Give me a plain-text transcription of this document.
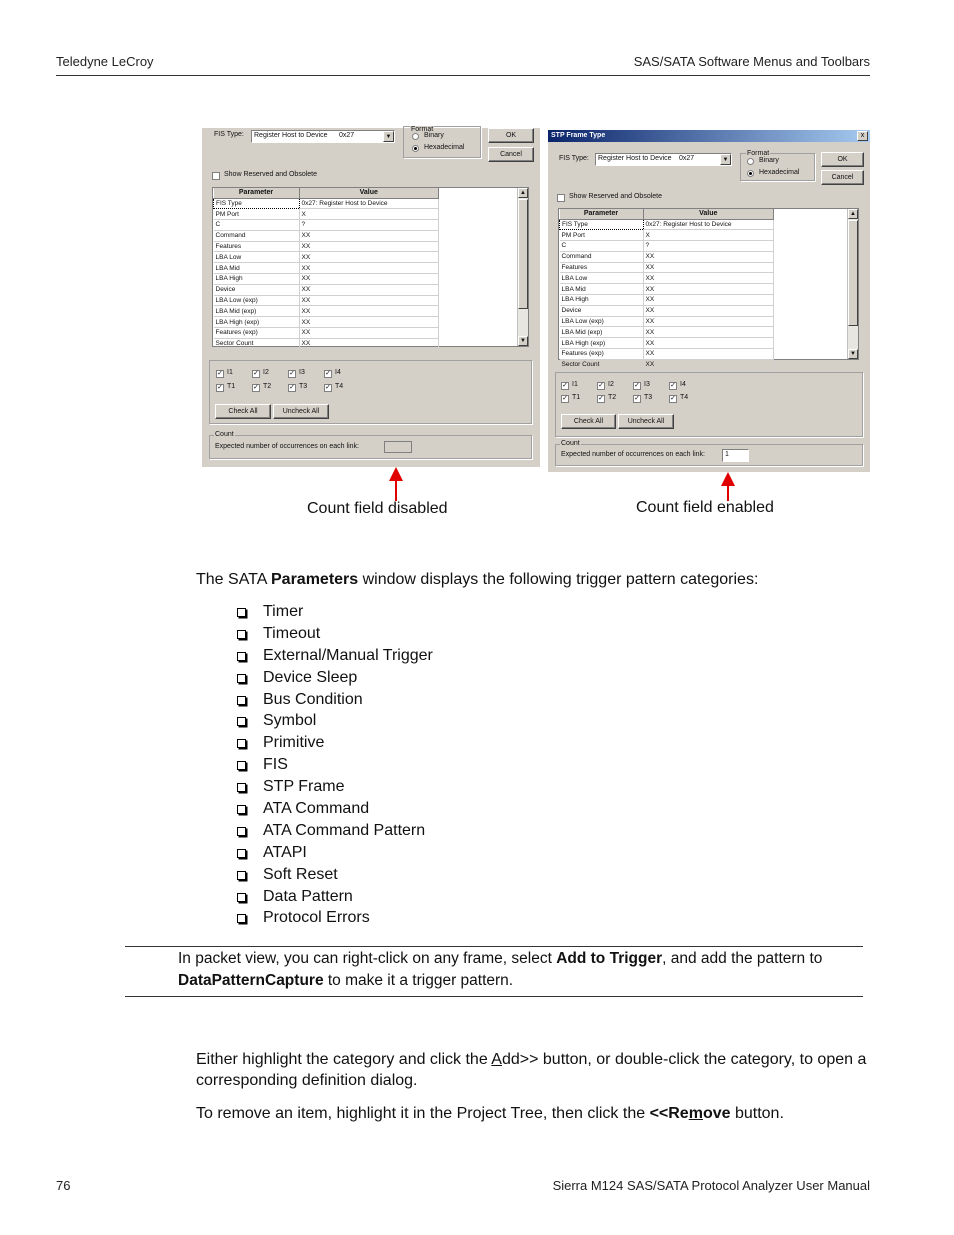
Teledyne LeCroy	SAS/SATA Software Menus and Toolbars
FIS Type: Register Host to Device 0x27	▼
Format
Binary
Hexadecimal
OK
Cancel
Show Reserved and Obsolete
Parameter	Value
FIS Type	0x27: Register Host to Device
PM Port	X
C	?
Command	XX
Features	XX
LBA Low	XX
LBA Mid	XX
LBA High	XX
Device	XX
LBA Low (exp)	XX
LBA Mid (exp)	XX
LBA High (exp)	XX
Features (exp)	XX
Sector Count	XX
▲
▼
Check All	Uncheck All
Count
Expected number of occurrences on each link:
✓ I1	✓ I2	✓ I3	✓ I4
✓ T1	✓ T2	✓ T3	✓ T4
STP Frame Type	x
FIS Type: Register Host to Device 0x27	▼
Format
Binary
Hexadecimal
OK
Cancel
Show Reserved and Obsolete
Parameter	Value
FIS Type	0x27: Register Host to Device
PM Port	X
C	?
Command	XX
Features	XX
LBA Low	XX
LBA Mid	XX
LBA High	XX
Device	XX
LBA Low (exp)	XX
LBA Mid (exp)	XX
LBA High (exp)	XX
Features (exp)	XX
Sector Count	XX
▲
▼
Check All	Uncheck All
Count
Expected number of occurrences on each link:	1
✓ I1	✓ I2	✓ I3	✓ I4
✓ T1	✓ T2	✓ T3	✓ T4
Count field disabled	Count field enabled
The SATA Parameters window displays the following trigger pattern categories:
Timer
Timeout
External/Manual Trigger
Device Sleep
Bus Condition
Symbol
Primitive
FIS
STP Frame
ATA Command
ATA Command Pattern
ATAPI
Soft Reset
Data Pattern
Protocol Errors
In packet view, you can right-click on any frame, select Add to Trigger, and add the pattern to DataPatternCapture to make it a trigger pattern.
Either highlight the category and click the Add>> button, or double-click the category, to open a corresponding definition dialog.
To remove an item, highlight it in the Project Tree, then click the <<Remove button.
76	Sierra M124 SAS/SATA Protocol Analyzer User Manual
